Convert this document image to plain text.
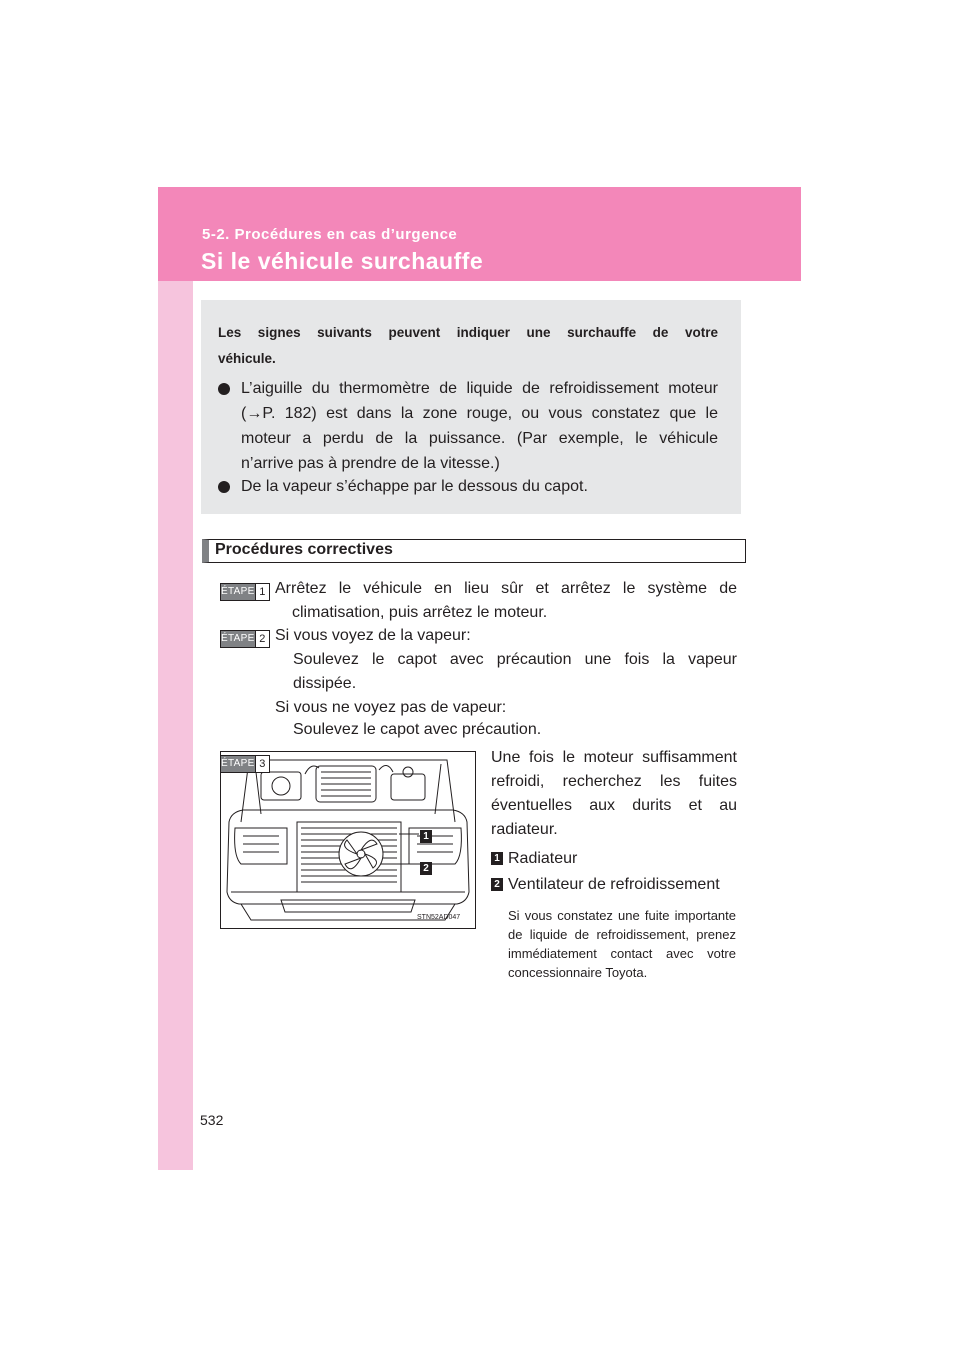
5-2. Procédures en cas d’urgence
Si le véhicule surchauffe
Les signes suivants peuvent indiquer une surchauffe de votre
véhicule.
L’aiguille du thermomètre de liquide de refroidissement moteur
(→P. 182) est dans la zone rouge, ou vous constatez que le
moteur a perdu de la puissance. (Par exemple, le véhicule
n’arrive pas à prendre de la vitesse.)
De la vapeur s’échappe par le dessous du capot.
Procédures correctives
ÉTAPE 1 Arrêtez le véhicule en lieu sûr et arrêtez le système de
climatisation, puis arrêtez le moteur.
ÉTAPE 2 Si vous voyez de la vapeur:
Soulevez le capot avec précaution une fois la vapeur
dissipée.
Si vous ne voyez pas de vapeur:
Soulevez le capot avec précaution.
1
2
STN52AD047
ÉTAPE 3	Une fois le moteur suffisamment
refroidi, recherchez les fuites
éventuelles aux durits et au
radiateur.
1 Radiateur
2 Ventilateur de refroidissement
Si vous constatez une fuite importante de liquide de refroidissement, prenez immédiatement contact avec votre concessionnaire Toyota.
532
